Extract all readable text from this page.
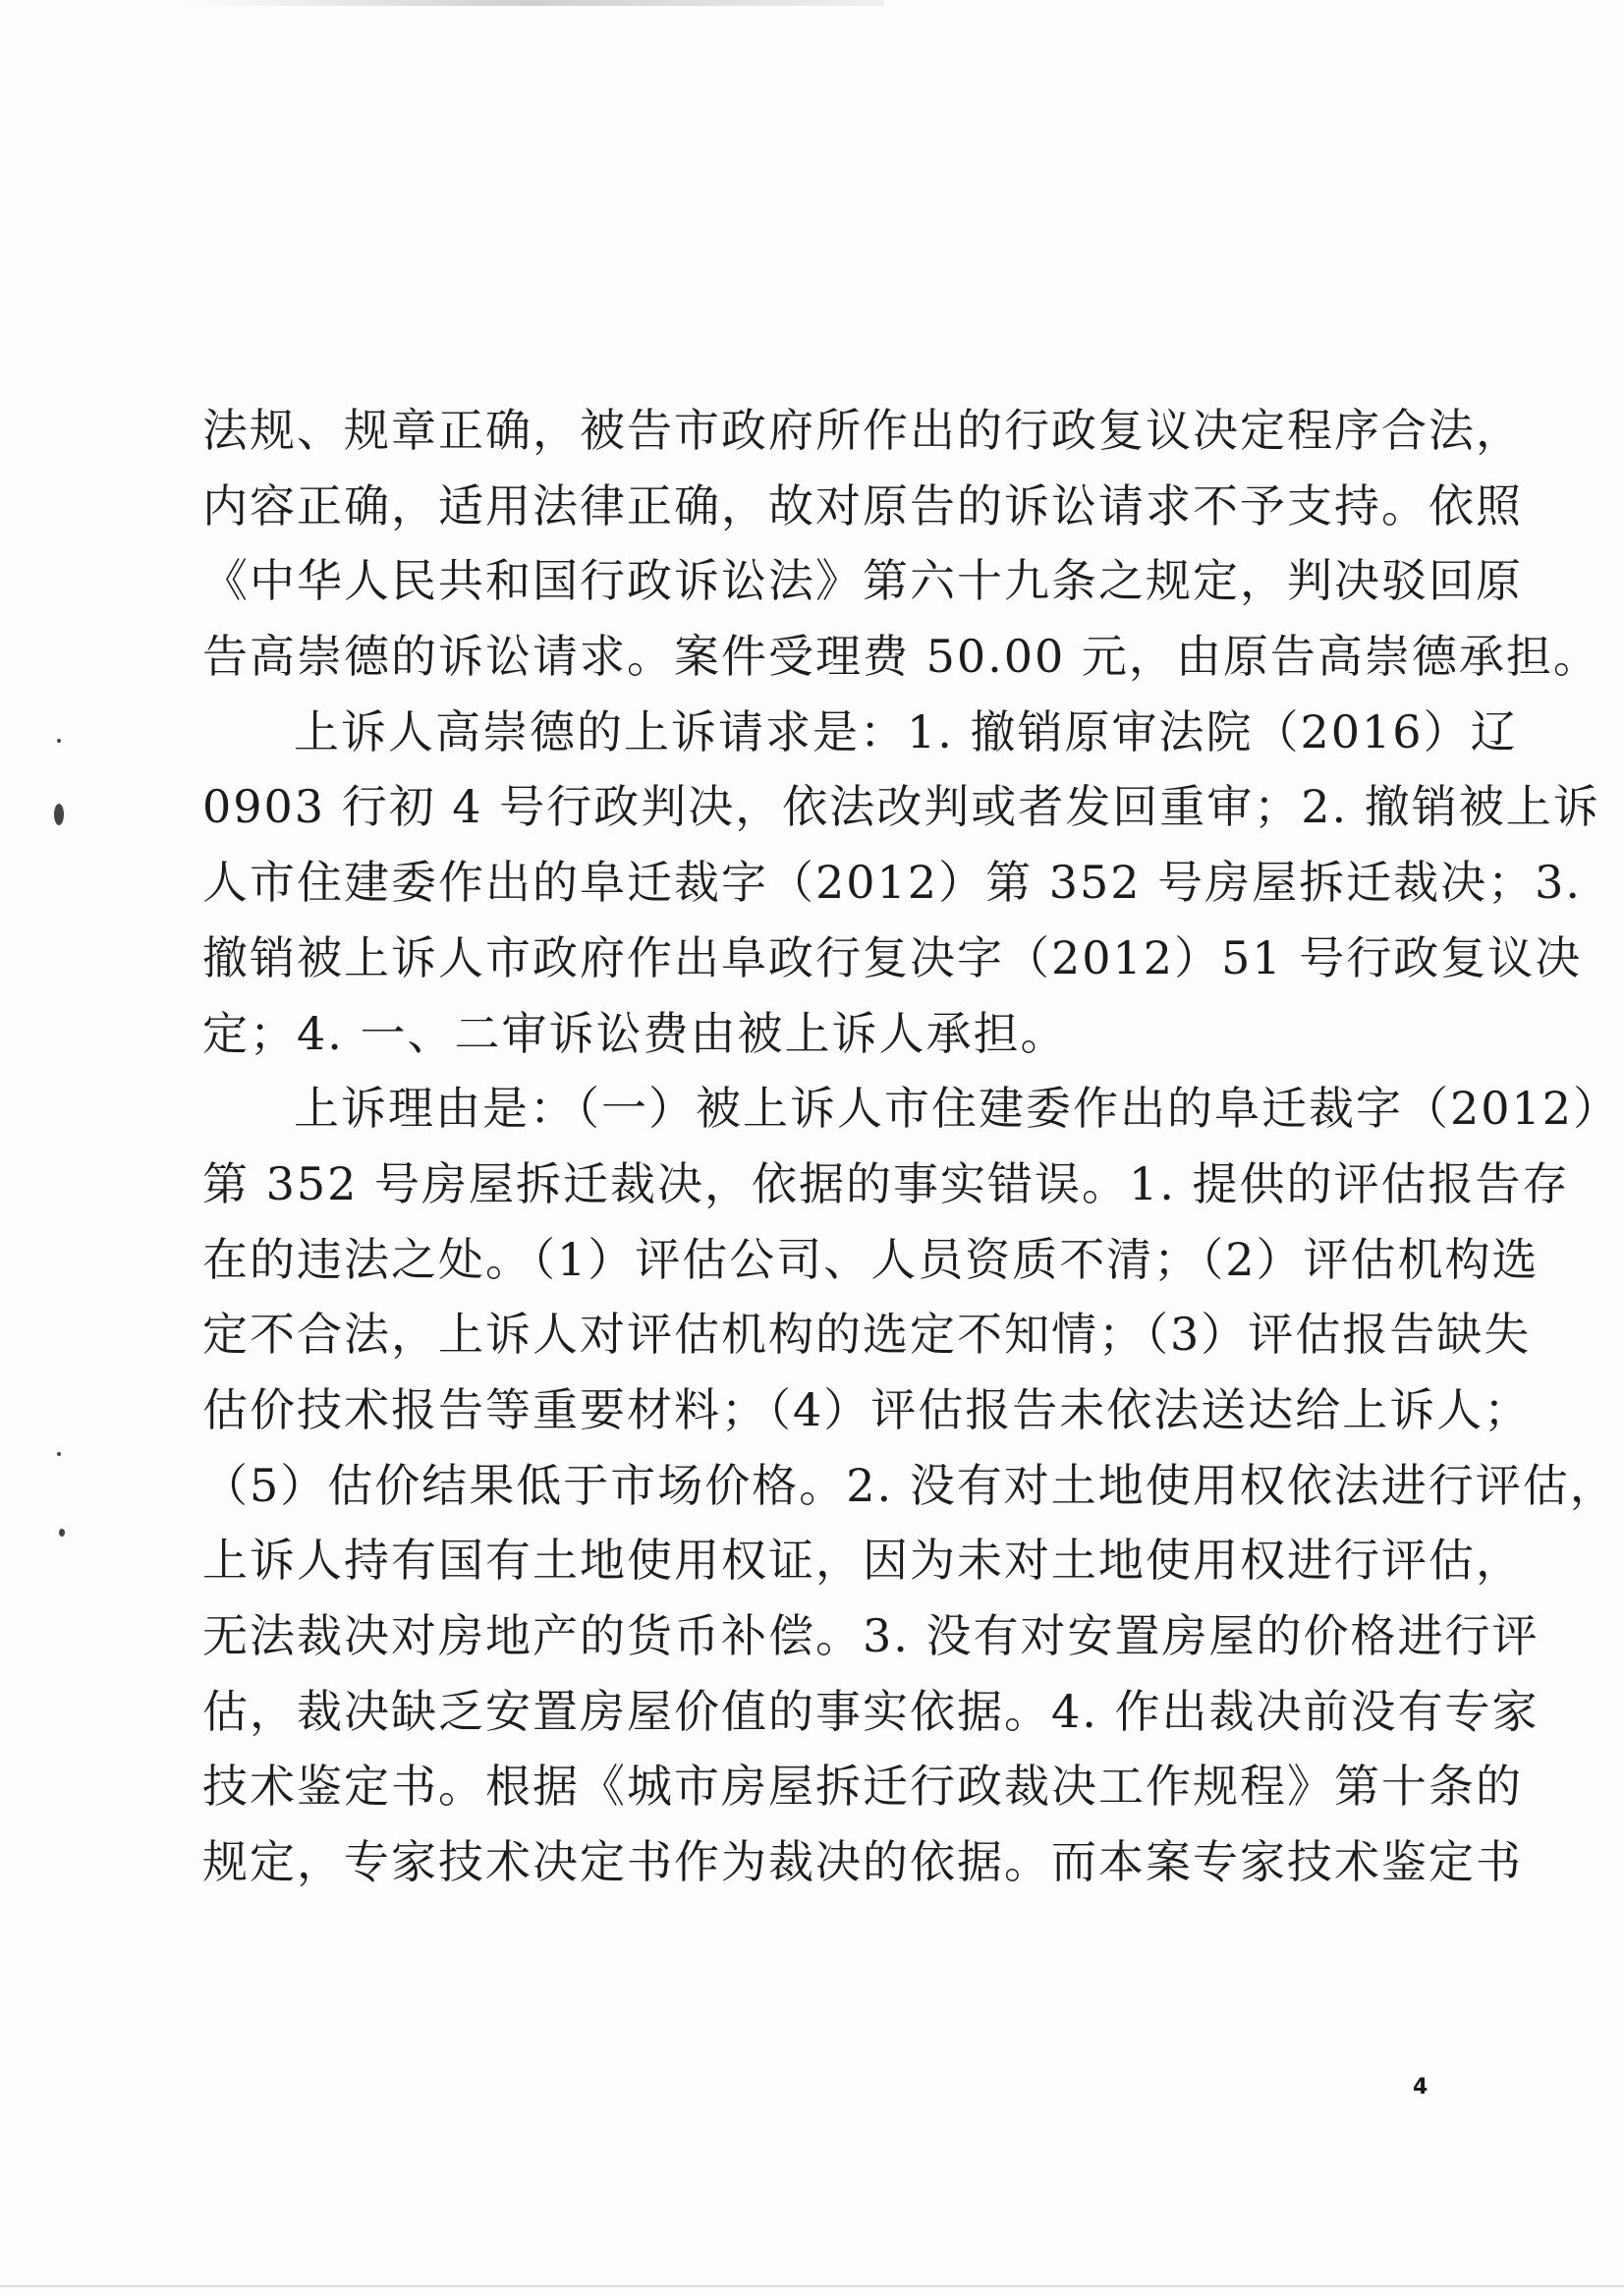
法规、规章正确，被告市政府所作出的行政复议决定程序合法，
内容正确，适用法律正确，故对原告的诉讼请求不予支持。依照
《中华人民共和国行政诉讼法》第六十九条之规定，判决驳回原
告高崇德的诉讼请求。案件受理费 50.00 元，由原告高崇德承担。
上诉人高崇德的上诉请求是：1. 撤销原审法院（2016）辽
0903 行初 4 号行政判决，依法改判或者发回重审；2. 撤销被上诉
人市住建委作出的阜迁裁字（2012）第 352 号房屋拆迁裁决；3.
撤销被上诉人市政府作出阜政行复决字（2012）51 号行政复议决
定；4. 一、二审诉讼费由被上诉人承担。
上诉理由是：（一）被上诉人市住建委作出的阜迁裁字（2012）
第 352 号房屋拆迁裁决，依据的事实错误。1. 提供的评估报告存
在的违法之处。（1）评估公司、人员资质不清；（2）评估机构选
定不合法，上诉人对评估机构的选定不知情；（3）评估报告缺失
估价技术报告等重要材料；（4）评估报告未依法送达给上诉人；
（5）估价结果低于市场价格。2. 没有对土地使用权依法进行评估，
上诉人持有国有土地使用权证，因为未对土地使用权进行评估，
无法裁决对房地产的货币补偿。3. 没有对安置房屋的价格进行评
估，裁决缺乏安置房屋价值的事实依据。4. 作出裁决前没有专家
技术鉴定书。根据《城市房屋拆迁行政裁决工作规程》第十条的
规定，专家技术决定书作为裁决的依据。而本案专家技术鉴定书
4
